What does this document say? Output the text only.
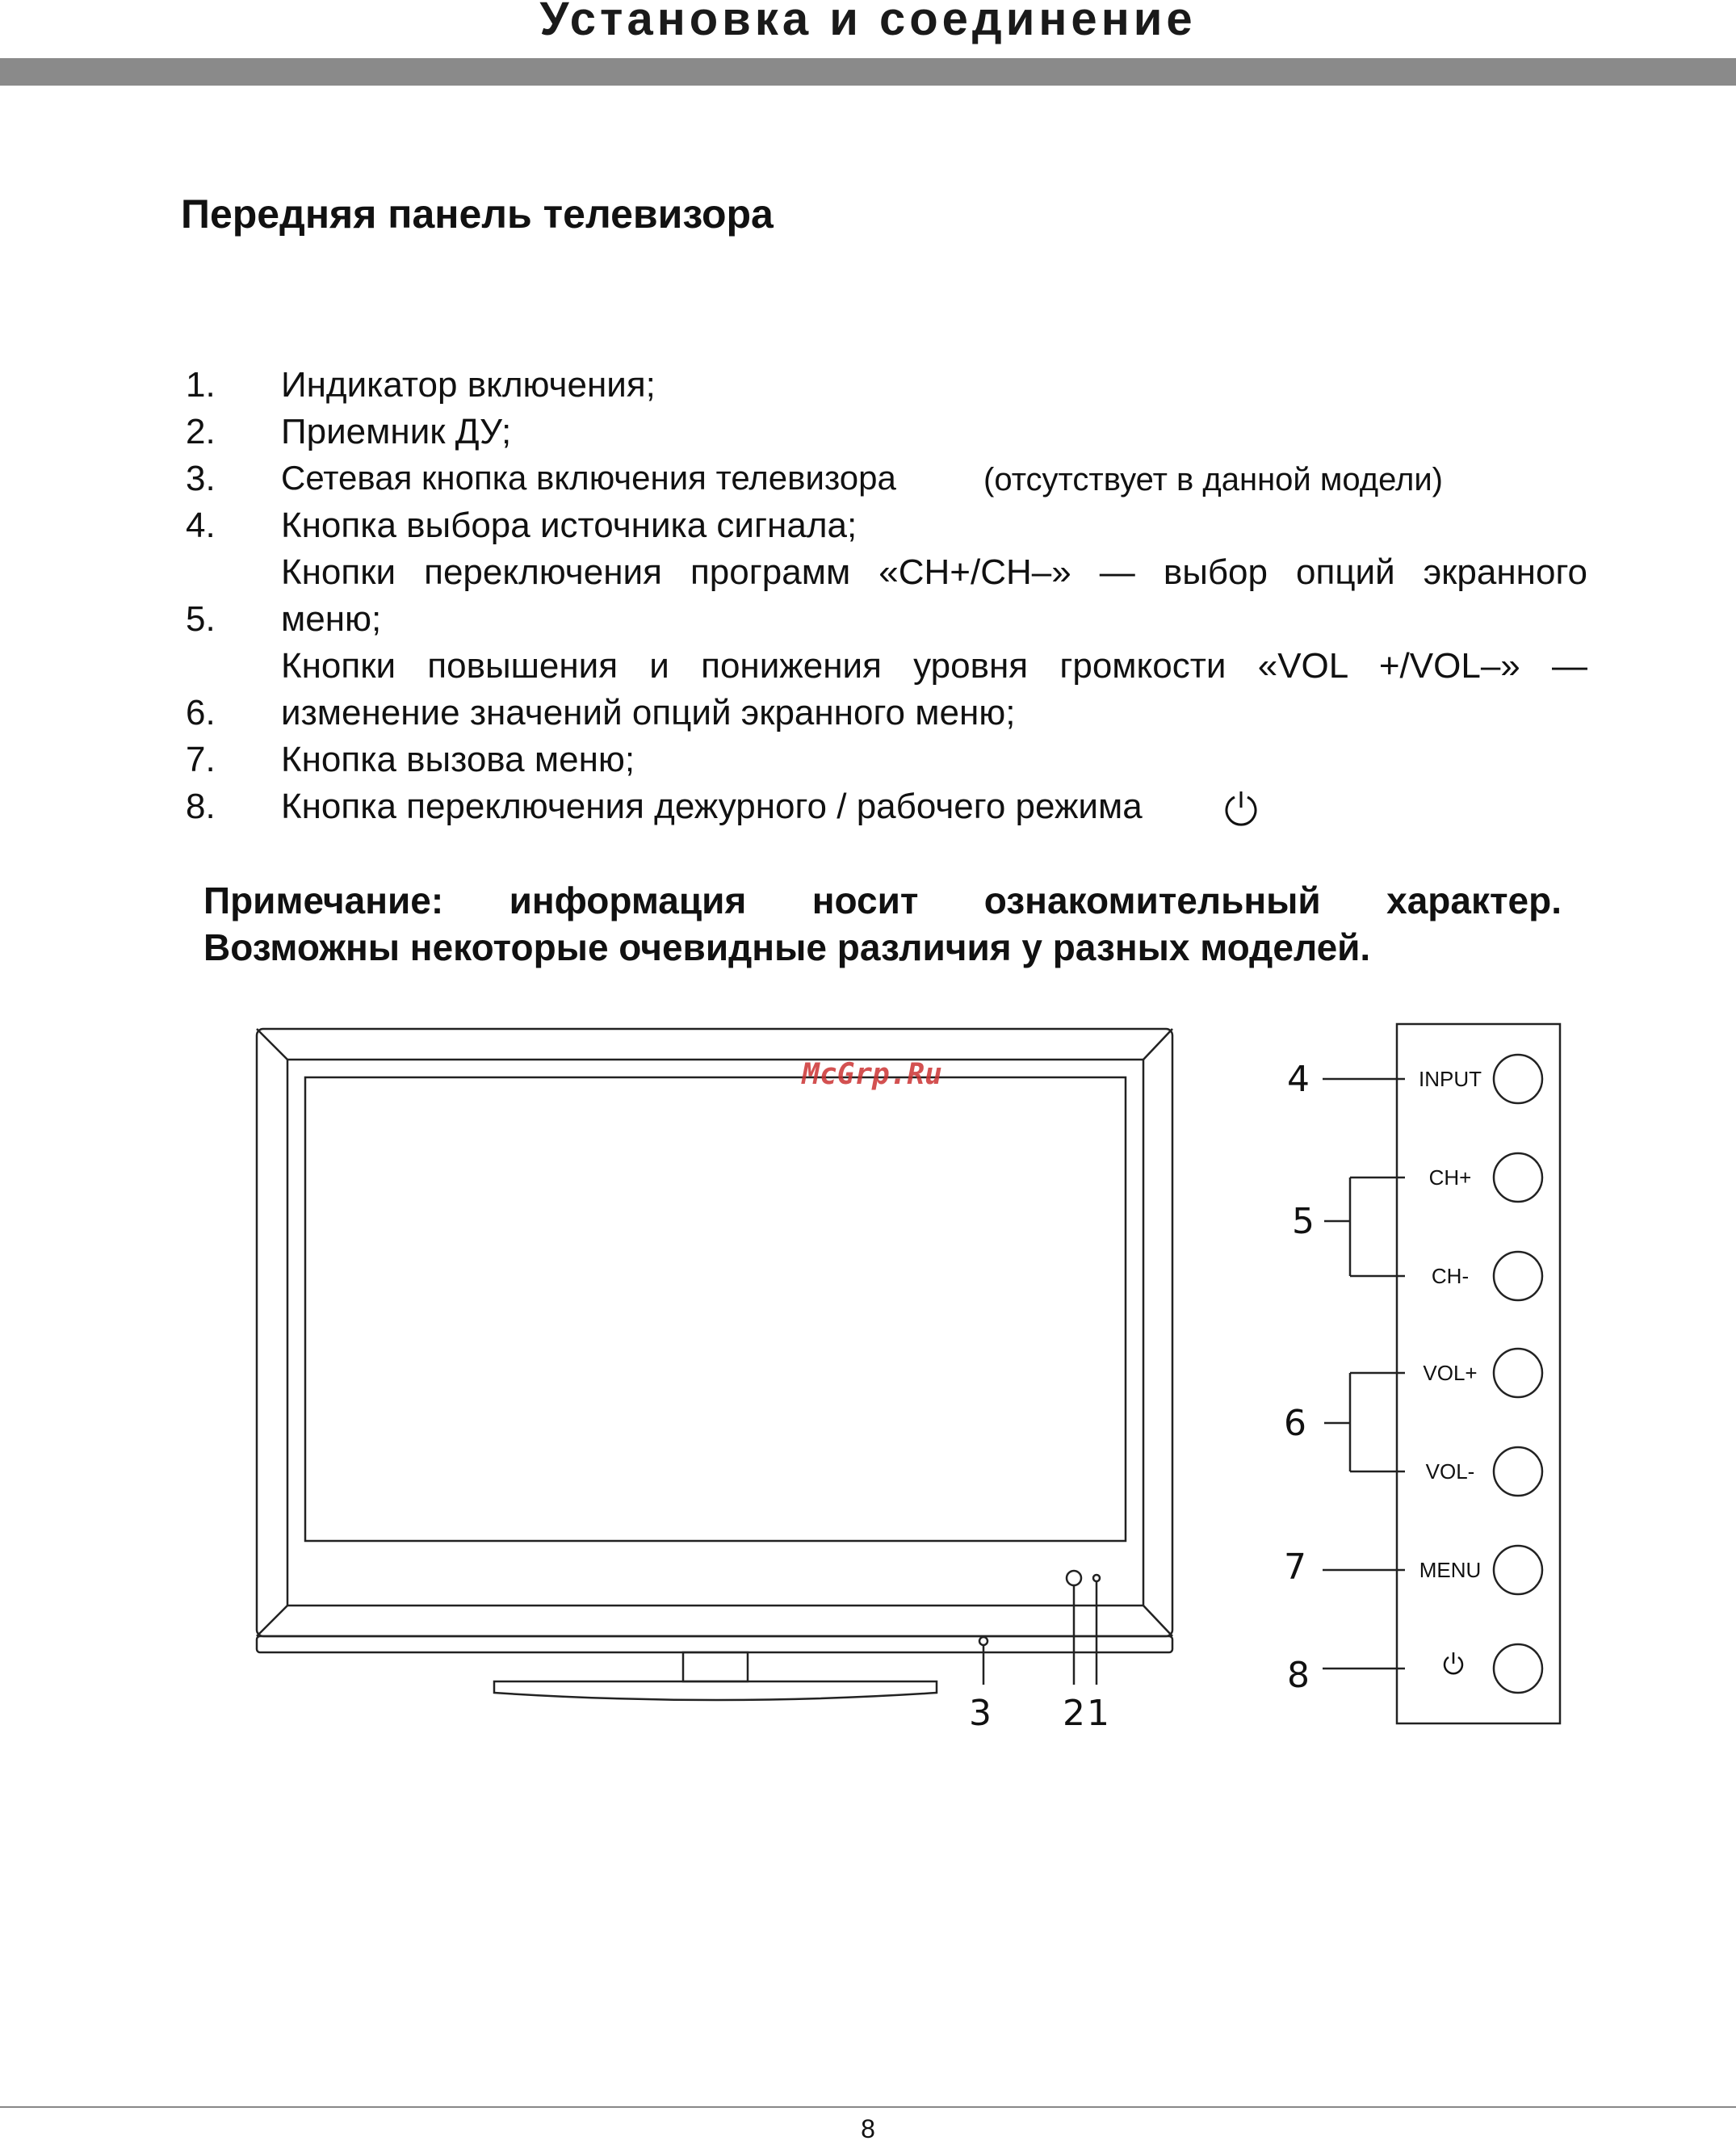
Установка и соединение
Передняя панель телевизора
1. Индикатор включения;
2. Приемник ДУ;
3. Сетевая кнопка включения телевизора	(отсутствует в данной модели)
4. Кнопка выбора источника сигнала;
Кнопки переключения программ «CH+/CH–» — выбор опций экранного
5. меню;
Кнопки повышения и понижения уровня громкости «VOL +/VOL–» —
6. изменение значений опций экранного меню;
7. Кнопка вызова меню;
8. Кнопка переключения дежурного / рабочего режима
Примечание: информация носит ознакомительный характер.
Возможны некоторые очевидные различия у разных моделей.
McGrp.Ru
3 2 1
INPUT
CH+
CH-
VOL+
VOL-
MENU
4
5
6
7
8
8
